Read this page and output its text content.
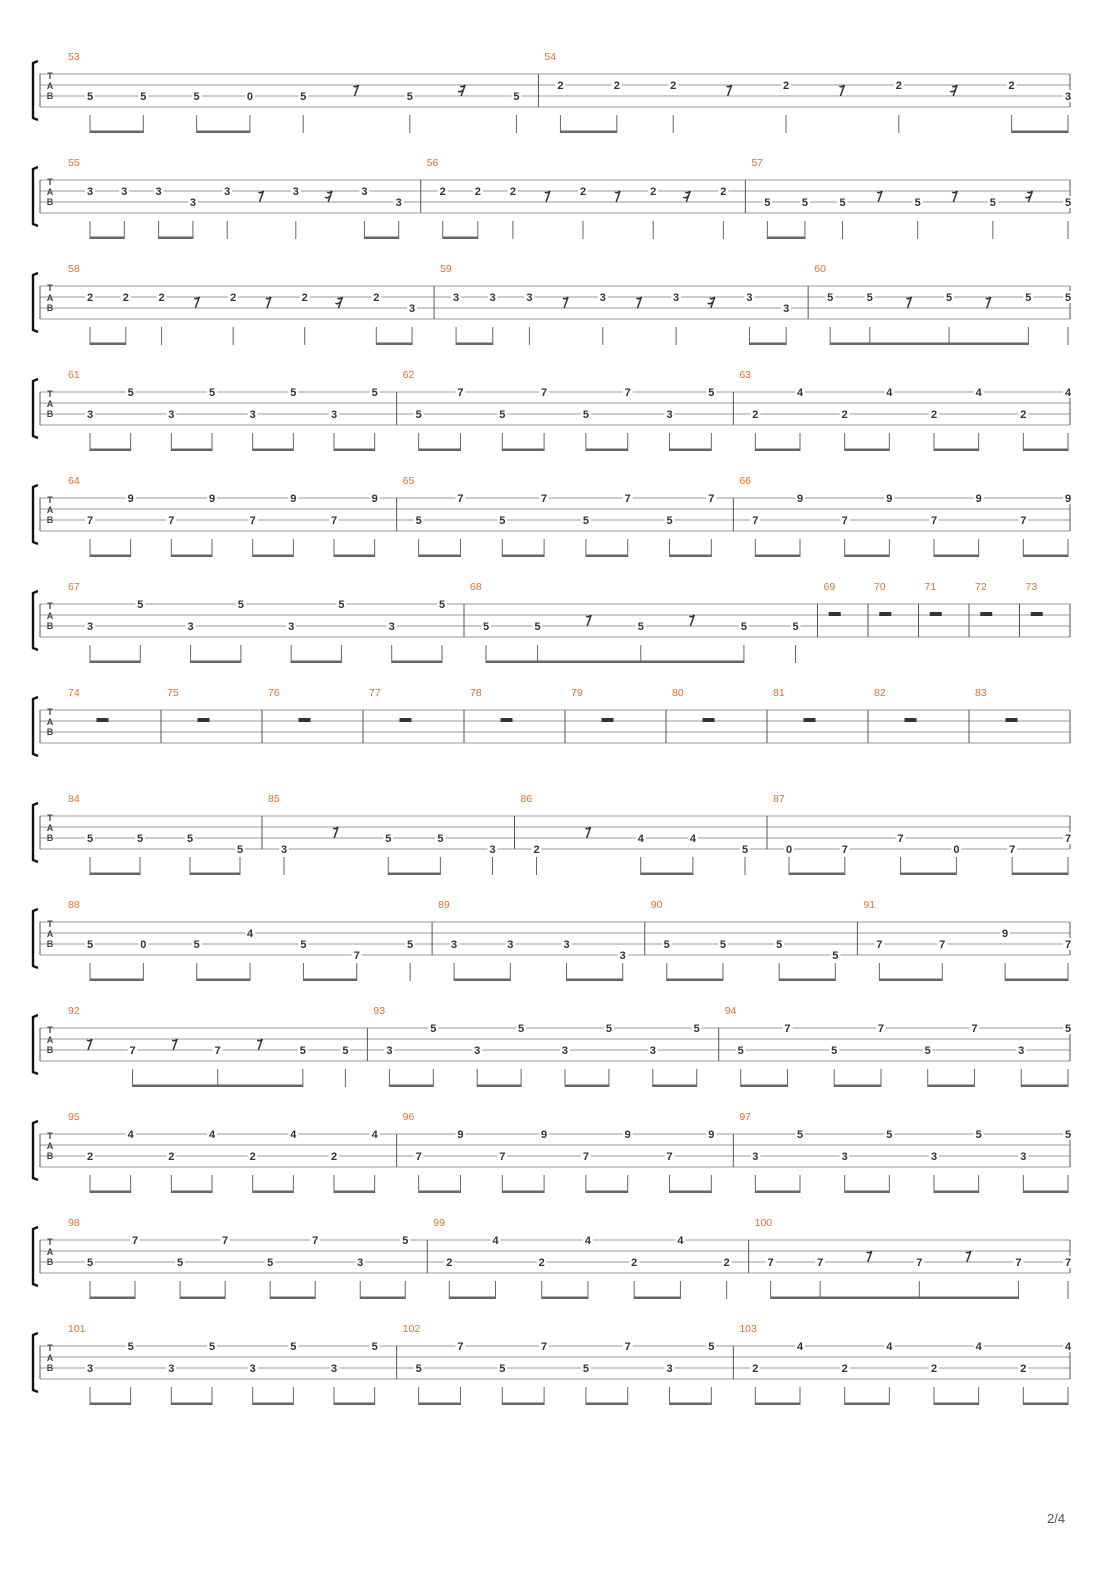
T
A
B
53
5	5	5	0	5	5	5
54
2	2	2	2	2	2
3
T
A
B
55
3	3	3
3
3	3	3
3
56
2	2	2	2	2	2
57
5	5	5	5	5	5
T
A
B
58
2	2	2	2	2	2
3
59
3	3	3	3	3	3
3
60
5	5	5	5	5
T
A
B
61
3
5
3
5
3
5
3
5
62
5
7
5
7
5
7
3
5
63
2
4
2
4
2
4
2
4
T
A
B
64
7
9
7
9
7
9
7
9
65
5
7
5
7
5
7
5
7
66
7
9
7
9
7
9
7
9
T
A
B
67
3
5
3
5
3
5
3
5
68
5	5	5	5	5
69	70	71	72	73
T
A
B
74	75	76	77	78	79	80	81	82	83
T
A
B
84
5	5	5
5
85
3
5	5
3
86
2
4	4
5
87
0	7
7
0	7
7
T
A
B
88
5	0	5
4
5
7
5
89
3	3	3
3
90
5	5	5
5
91
7	7
9
7
T
A
B
92
7	7	5	5
93
3
5
3
5
3
5
3
5
94
5
7
5
7
5
7
3
5
T
A
B
95
2
4
2
4
2
4
2
4
96
7
9
7
9
7
9
7
9
97
3
5
3
5
3
5
3
5
T
A
B
98
5
7
5
7
5
7
3
5
99
2
4
2
4
2
4
2
100
7	7	7	7	7
T
A
B
101
3
5
3
5
3
5
3
5
102
5
7
5
7
5
7
3
5
103
2
4
2
4
2
4
2
4
2/4
